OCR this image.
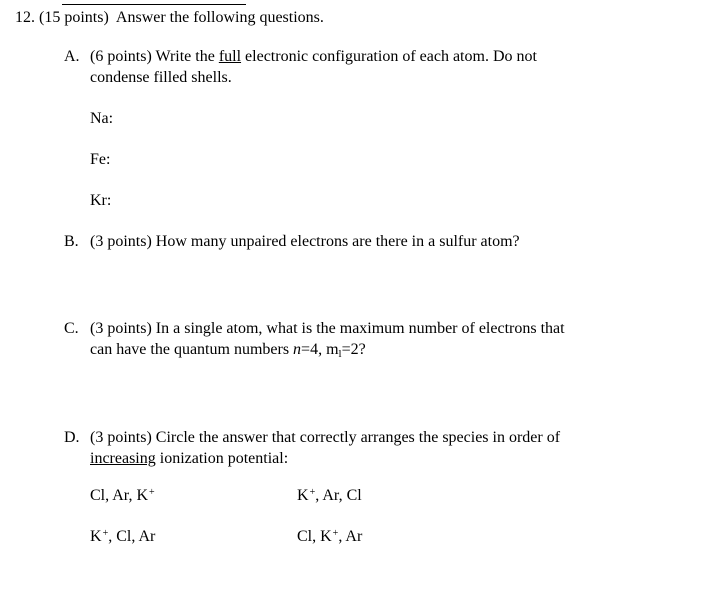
12. (15 points) Answer the following questions.
A. (6 points) Write the full electronic configuration of each atom. Do not
condense filled shells.
Na:
Fe:
Kr:
B. (3 points) How many unpaired electrons are there in a sulfur atom?
C. (3 points) In a single atom, what is the maximum number of electrons that
can have the quantum numbers n=4, $m_l=2$?
D. (3 points) Circle the answer that correctly arranges the species in order of
increasing ionization potential:
Cl, Ar, K+	K+, Ar, Cl
K+, Cl, Ar	Cl, K+, Ar
